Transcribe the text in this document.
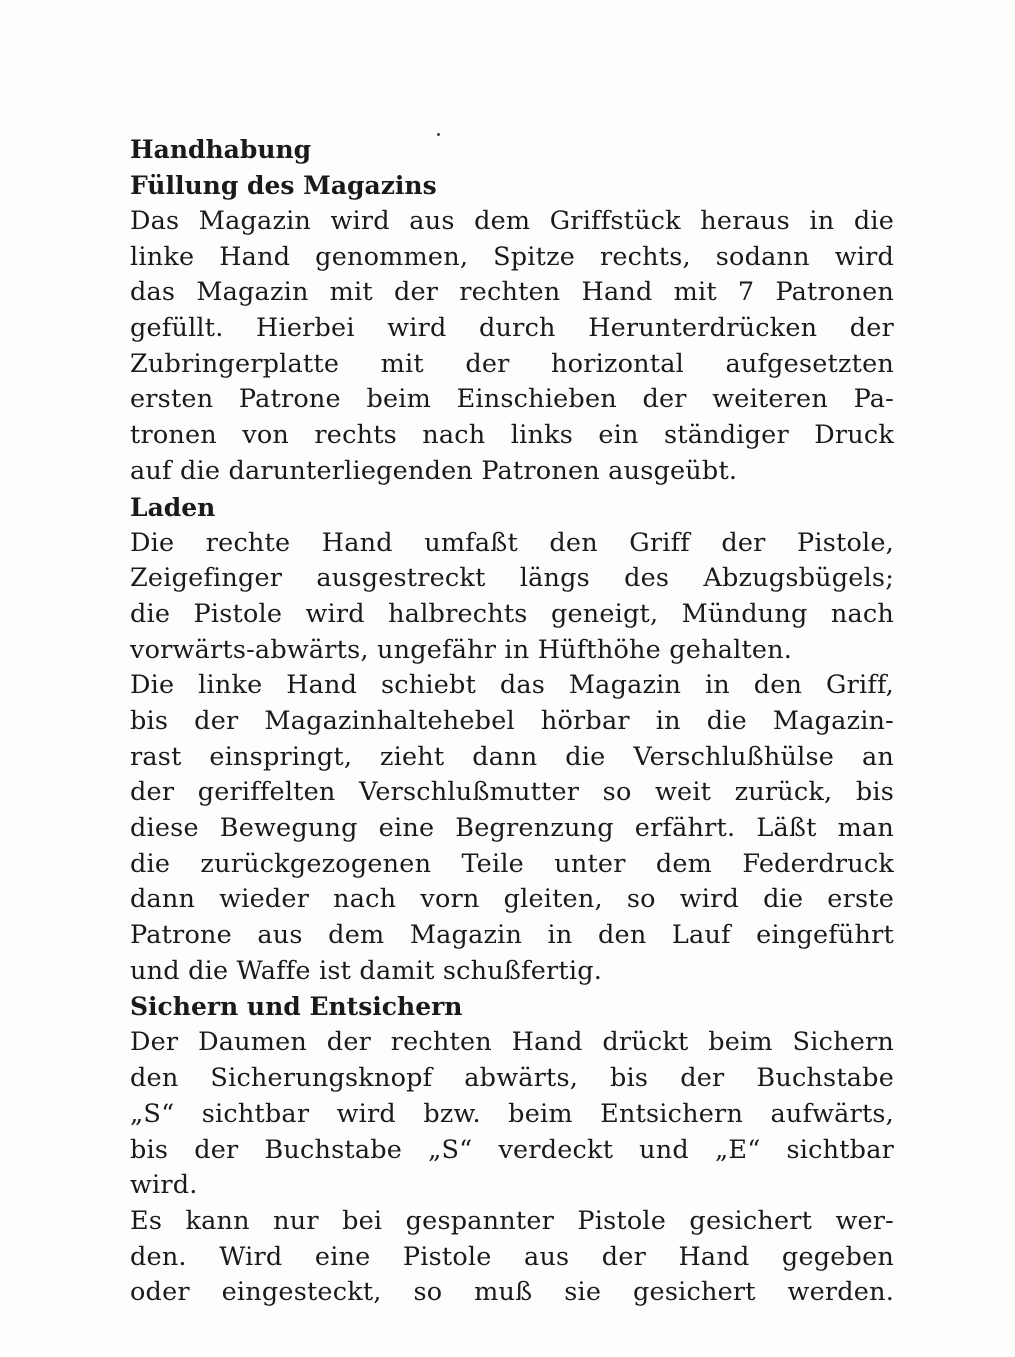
Handhabung
Füllung des Magazins
Das Magazin wird aus dem Griffstück heraus in die
linke Hand genommen, Spitze rechts, sodann wird
das Magazin mit der rechten Hand mit 7 Patronen
gefüllt. Hierbei wird durch Herunterdrücken der
Zubringerplatte mit der horizontal aufgesetzten
ersten Patrone beim Einschieben der weiteren Pa-
tronen von rechts nach links ein ständiger Druck
auf die darunterliegenden Patronen ausgeübt.
Laden
Die rechte Hand umfaßt den Griff der Pistole,
Zeigefinger ausgestreckt längs des Abzugsbügels;
die Pistole wird halbrechts geneigt, Mündung nach
vorwärts-abwärts, ungefähr in Hüfthöhe gehalten.
Die linke Hand schiebt das Magazin in den Griff,
bis der Magazinhaltehebel hörbar in die Magazin-
rast einspringt, zieht dann die Verschlußhülse an
der geriffelten Verschlußmutter so weit zurück, bis
diese Bewegung eine Begrenzung erfährt. Läßt man
die zurückgezogenen Teile unter dem Federdruck
dann wieder nach vorn gleiten, so wird die erste
Patrone aus dem Magazin in den Lauf eingeführt
und die Waffe ist damit schußfertig.
Sichern und Entsichern
Der Daumen der rechten Hand drückt beim Sichern
den Sicherungsknopf abwärts, bis der Buchstabe
„S“ sichtbar wird bzw. beim Entsichern aufwärts,
bis der Buchstabe „S“ verdeckt und „E“ sichtbar
wird.
Es kann nur bei gespannter Pistole gesichert wer-
den. Wird eine Pistole aus der Hand gegeben
oder eingesteckt, so muß sie gesichert werden.
